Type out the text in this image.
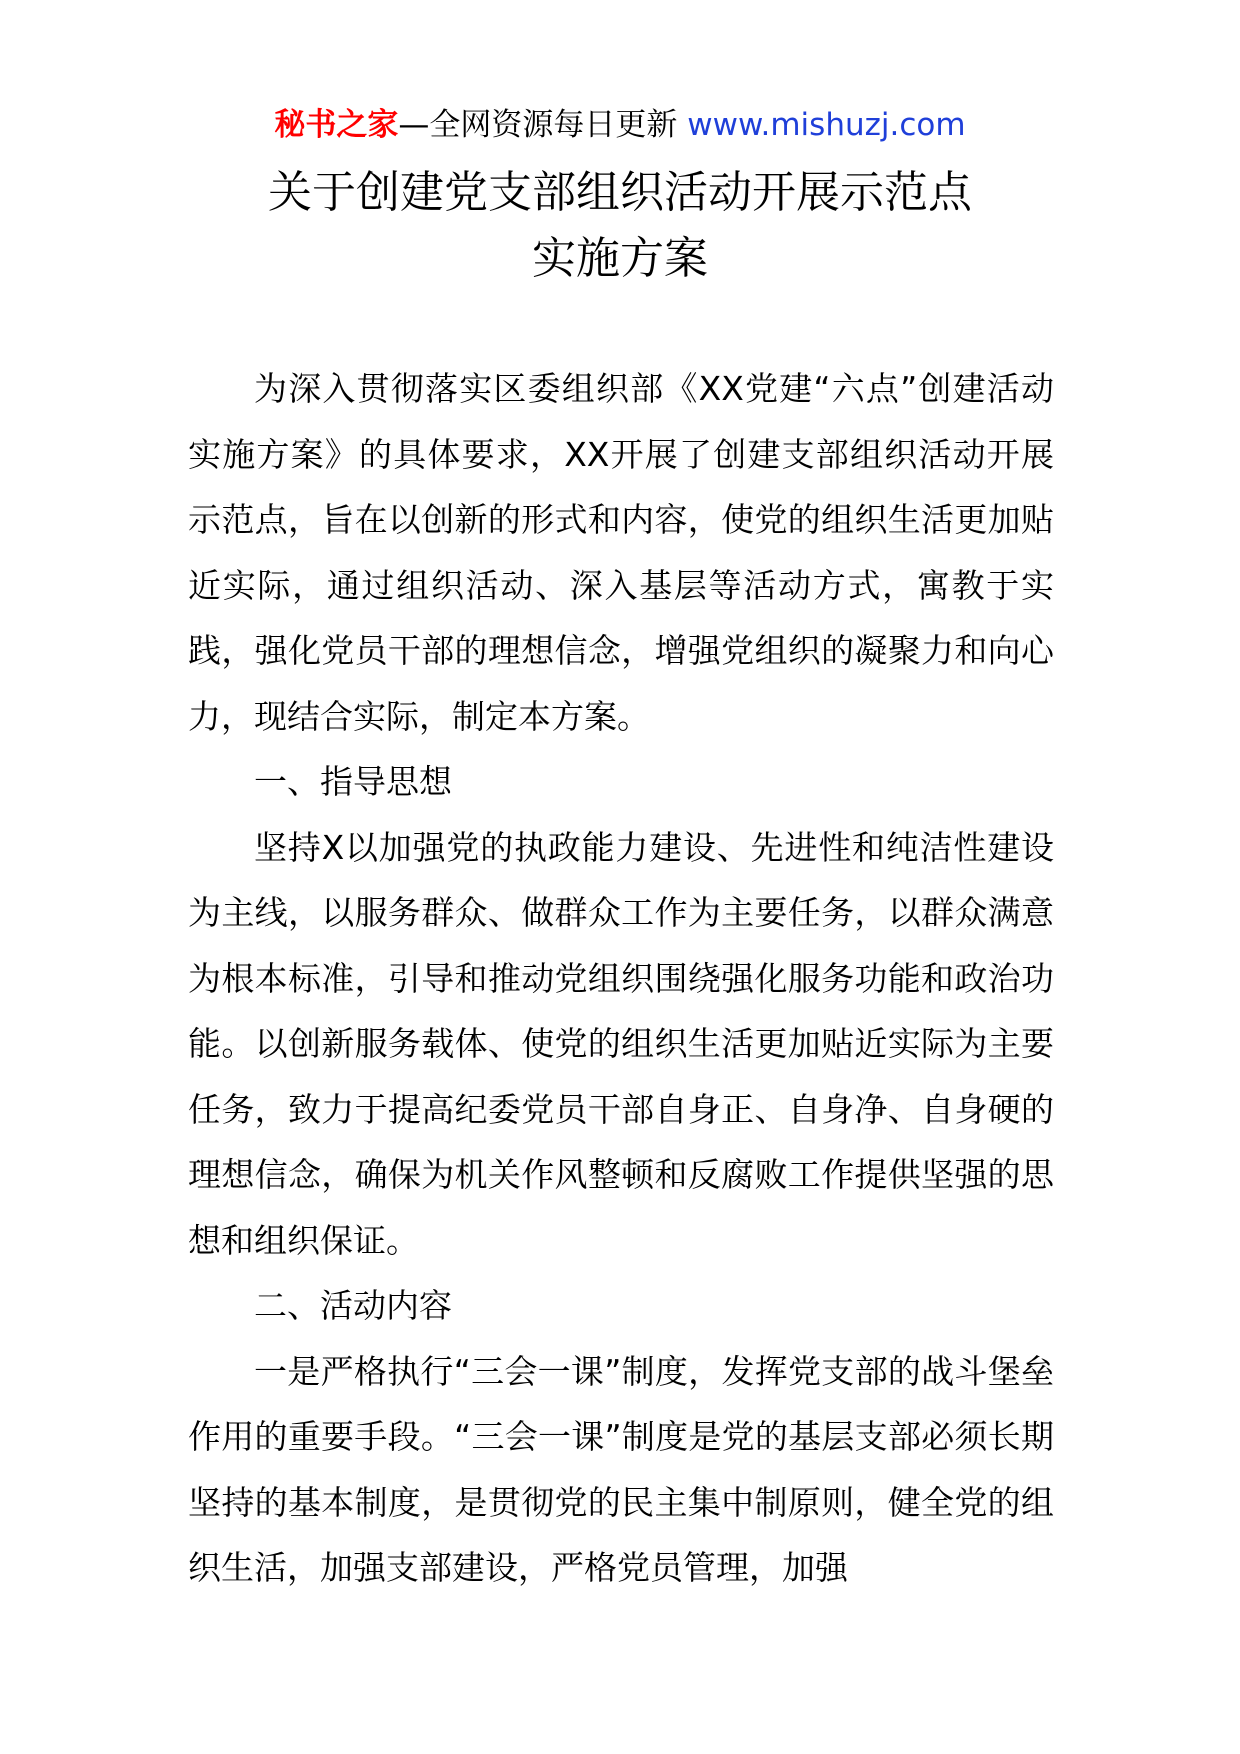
秘书之家—全网资源每日更新 www.mishuzj.com
关于创建党支部组织活动开展示范点
实施方案

为深入贯彻落实区委组织部《XX党建“六点”创建活动实施方案》的具体要求，XX开展了创建支部组织活动开展示范点，旨在以创新的形式和内容，使党的组织生活更加贴近实际，通过组织活动、深入基层等活动方式，寓教于实践，强化党员干部的理想信念，增强党组织的凝聚力和向心力，现结合实际，制定本方案。

一、指导思想

坚持X以加强党的执政能力建设、先进性和纯洁性建设为主线，以服务群众、做群众工作为主要任务，以群众满意为根本标准，引导和推动党组织围绕强化服务功能和政治功能。以创新服务载体、使党的组织生活更加贴近实际为主要任务，致力于提高纪委党员干部自身正、自身净、自身硬的理想信念，确保为机关作风整顿和反腐败工作提供坚强的思想和组织保证。

二、活动内容

一是严格执行“三会一课”制度，发挥党支部的战斗堡垒作用的重要手段。“三会一课”制度是党的基层支部必须长期坚持的基本制度，是贯彻党的民主集中制原则，健全党的组织生活，加强支部建设，严格党员管理，加强
